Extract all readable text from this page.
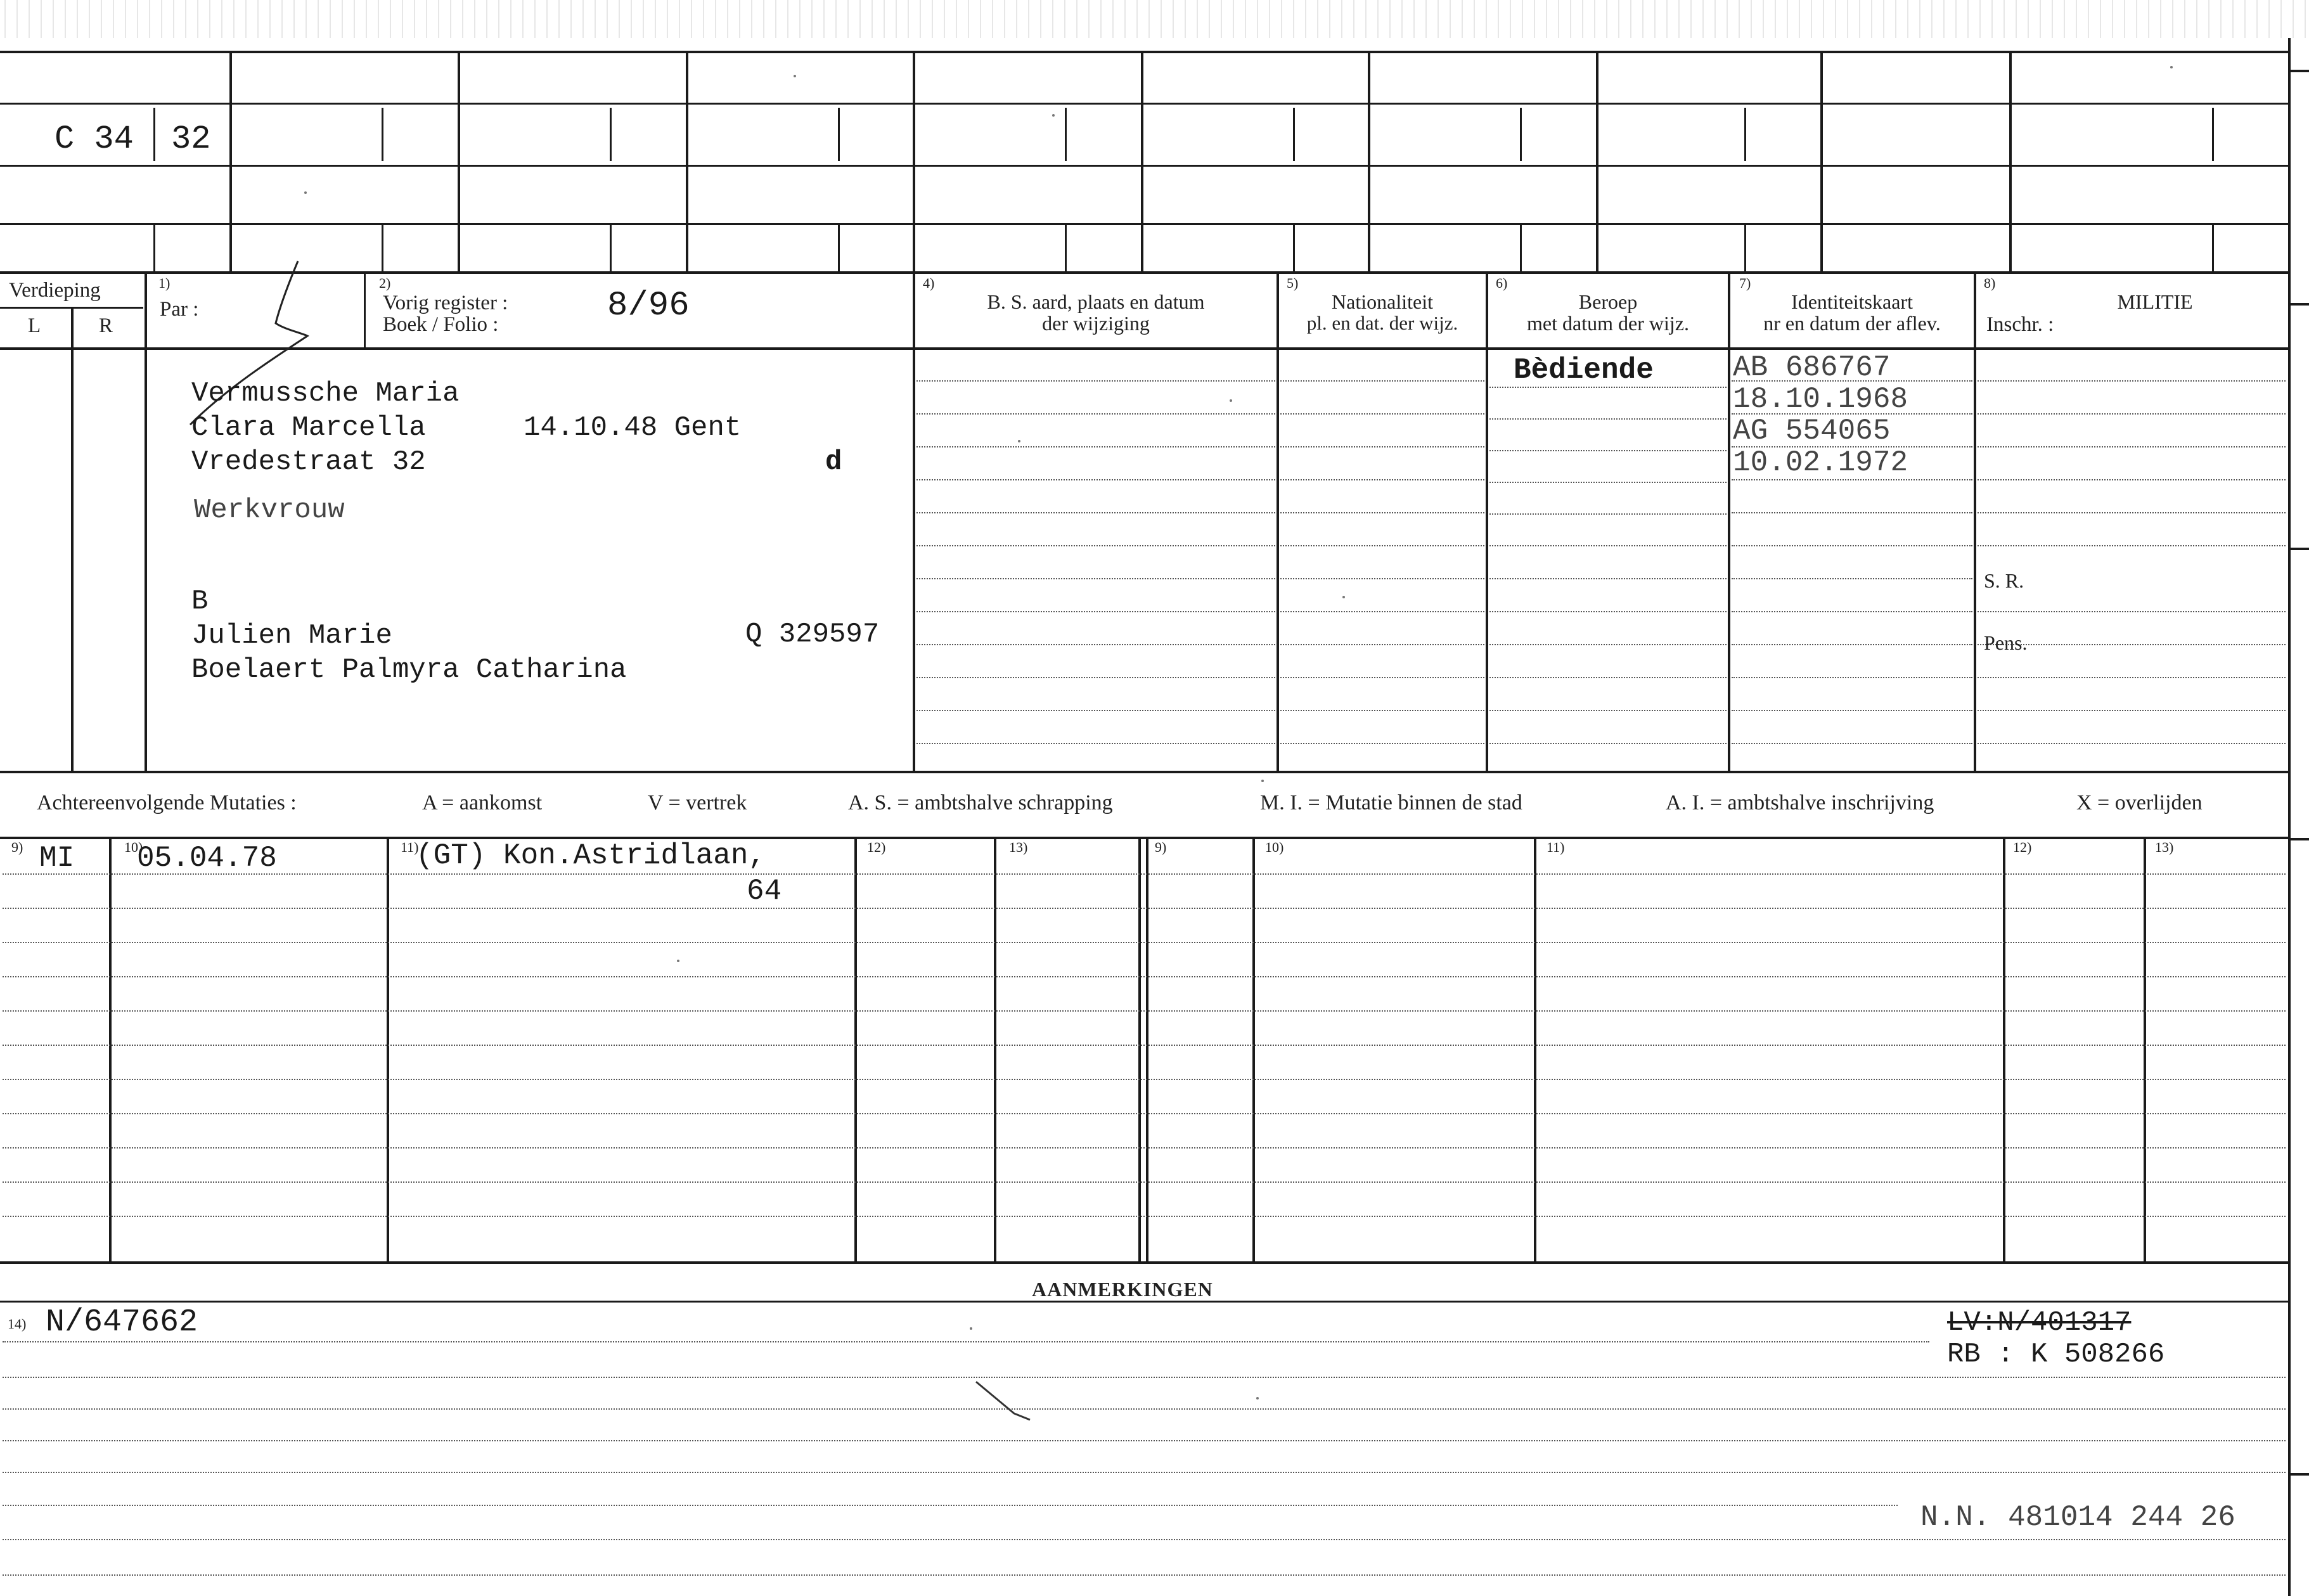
C 34 32
Verdieping
L	R
1)
Par :
2)
Vorig register :
Boek / Folio :	8/96
4)
B. S. aard, plaats en datum
der wijziging
5)
Nationaliteit
pl. en dat. der wijz.
6)
Beroep
met datum der wijz.
7)
Identiteitskaart
nr en datum der aflev.
8)
MILITIE
Inschr. :
Vermussche Maria
Clara Marcella	14.10.48 Gent
Vredestraat 32	d
Werkvrouw
B
Julien Marie	Q 329597
Boelaert Palmyra Catharina
Bèdiende	AB 686767
18.10.1968
AG 554065
10.02.1972
S. R.
Pens.
Achtereenvolgende Mutaties :	A = aankomst	V = vertrek	A. S. = ambtshalve schrapping	M. I. = Mutatie binnen de stad	A. I. = ambtshalve inschrijving	X = overlijden
9)	10)	11)	12)	13)	9)	10)	11)	12)	13)
MI 05.04.78	(GT) Kon.Astridlaan,
64
AANMERKINGEN
14) N/647662	LV:N/401317
RB : K 508266
N.N. 481014 244 26
